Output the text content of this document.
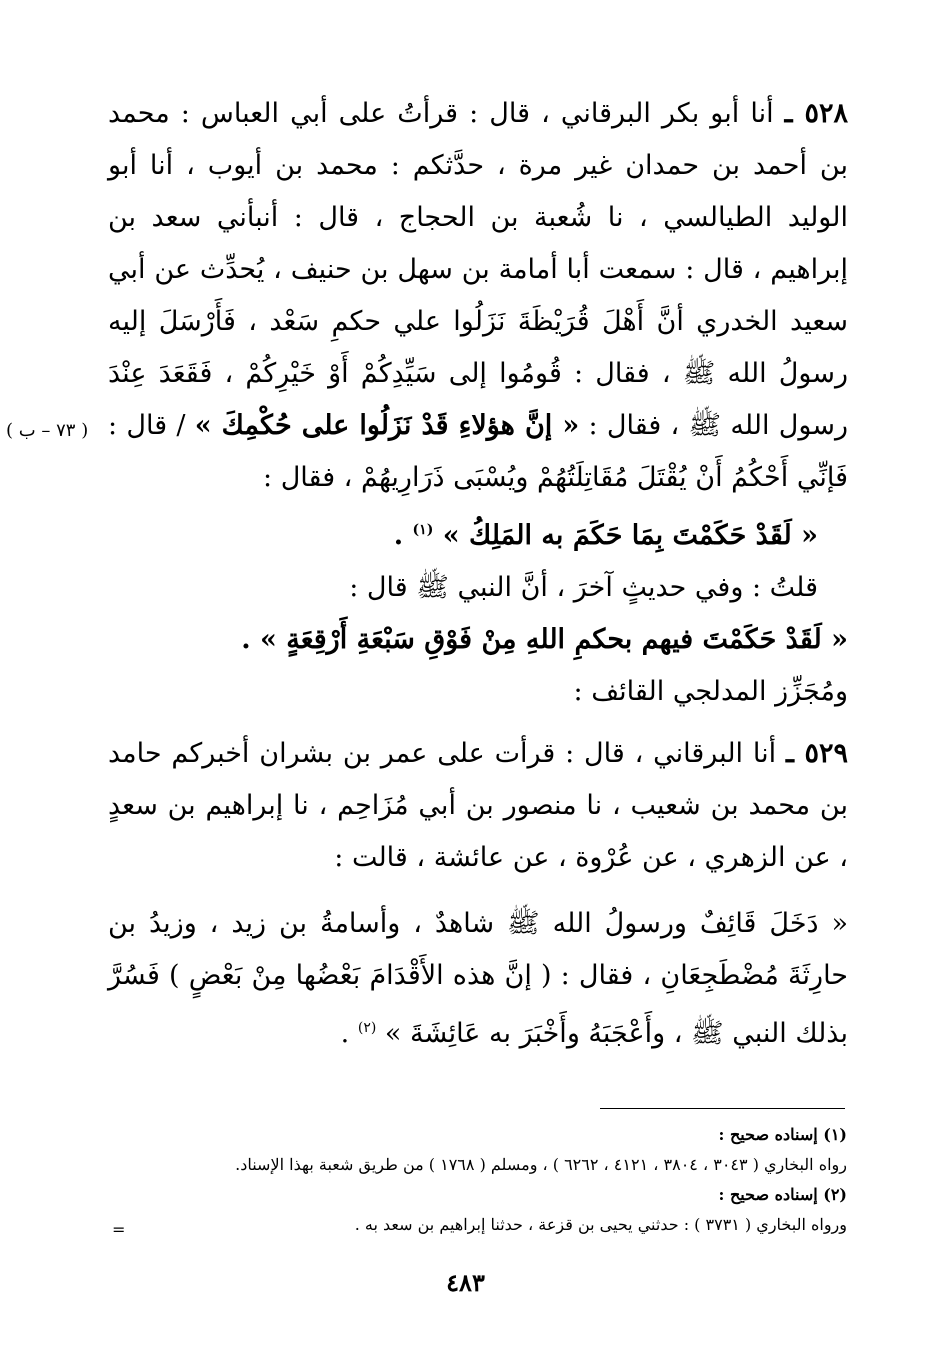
٥٢٨ ـ أنا أبو بكر البرقاني ، قال : قرأتُ على أبي العباس : محمد بن أحمد بن حمدان غير مرة ، حدَّثكم : محمد بن أيوب ، أنا أبو الوليد الطيالسي ، نا شُعبة بن الحجاج ، قال : أنبأني سعد بن إبراهيم ، قال : سمعت أبا أمامة بن سهل بن حنيف ، يُحدِّث عن أبي سعيد الخدري أنَّ أَهْلَ قُرَيْظَةَ نَزَلُوا علي حكمِ سَعْد ، فَأَرْسَلَ إليه رسولُ الله ﷺ ، فقال : قُومُوا إلى سَيِّدِكُمْ أَوْ خَيْرِكُمْ ، فَقَعَدَ عِنْدَ رسول الله ﷺ ، فقال : « إنَّ هؤلاءِ قَدْ نَزَلُوا على حُكْمِكَ » / قال : فَإنِّي أَحْكُمُ أَنْ يُقْتَلَ مُقَاتِلَتُهُمْ ويُسْبَى ذَرَارِيهُمْ ، فقال :

« لَقَدْ حَكَمْتَ بِمَا حَكَمَ به المَلِكُ » $^{(١)}$ .

قلتُ : وفي حديثٍ آخرَ ، أنَّ النبي ﷺ قال :

« لَقَدْ حَكَمْتَ فيهم بحكمِ اللهِ مِنْ فَوْقِ سَبْعَةِ أَرْقِعَةٍ » .

ومُجَزِّز المدلجي القائف :

٥٢٩ ـ أنا البرقاني ، قال : قرأت على عمر بن بشران أخبركم حامد بن محمد بن شعيب ، نا منصور بن أبي مُزَاحِم ، نا إبراهيم بن سعدٍ ، عن الزهري ، عن عُرْوة ، عن عائشة ، قالت :

« دَخَلَ قَائِفٌ ورسولُ الله ﷺ شاهدٌ ، وأسامةُ بن زيد ، وزيدُ بن حارِثَةَ مُضْطَجِعَانِ ، فقال : ( إنَّ هذه الأَقْدَامَ بَعْضُها مِنْ بَعْضٍ ) فَسُرَّ بذلك النبي ﷺ ، وأَعْجَبَهُ وأَخْبَرَ به عَائِشَةَ » $^{(٢)}$ .

( ٧٣ – ب )

(١) إسناده صحيح :

رواه البخاري ( ٣٠٤٣ ، ٣٨٠٤ ، ٤١٢١ ، ٦٢٦٢ ) ، ومسلم ( ١٧٦٨ ) من طريق شعبة بهذا الإسناد.

(٢) إسناده صحيح :

ورواه البخاري ( ٣٧٣١ ) : حدثني يحيى بن قزعة ، حدثنا إبراهيم بن سعد به .

=
٤٨٣
